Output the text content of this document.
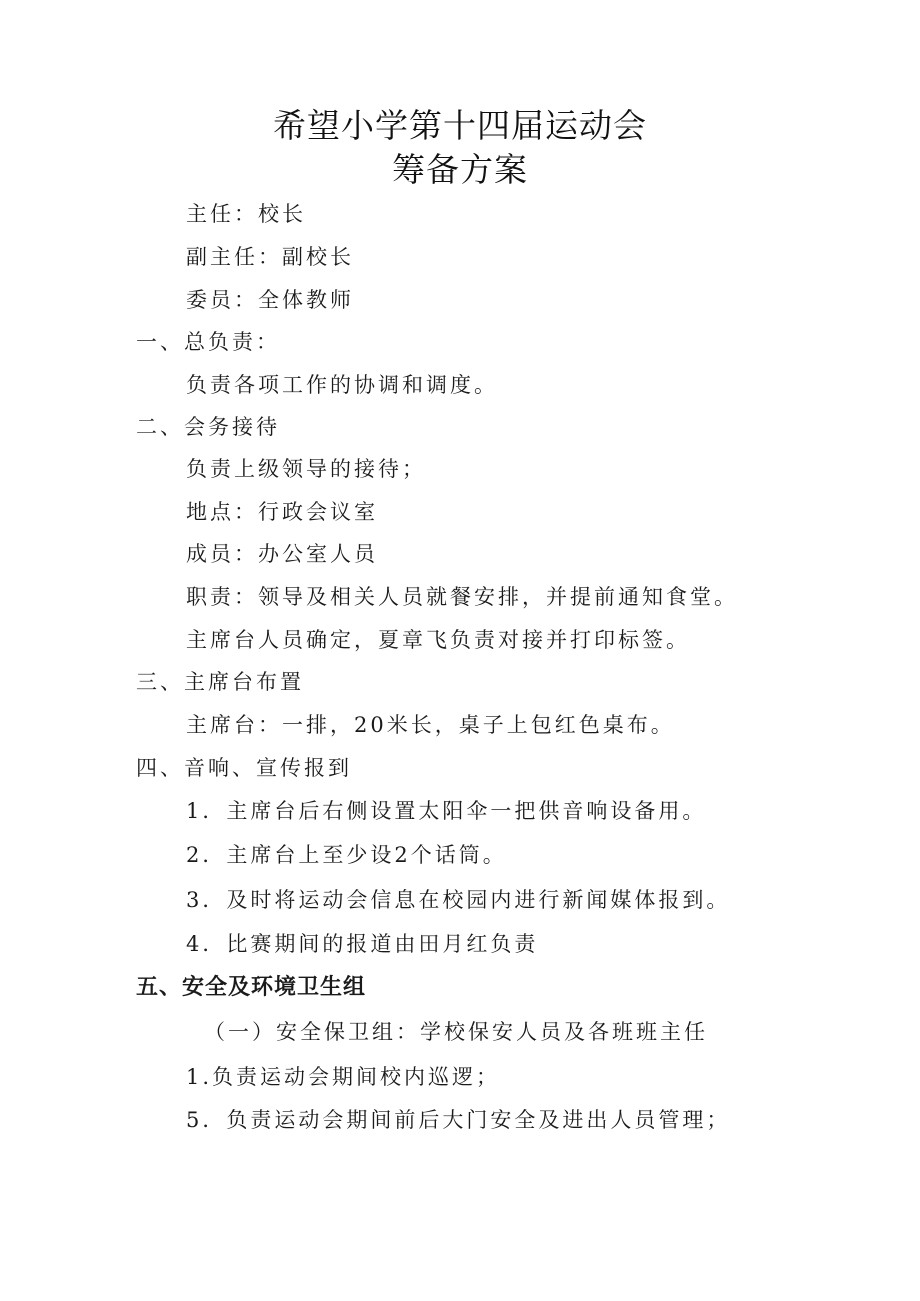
希望小学第十四届运动会
筹备方案
主任：校长
副主任：副校长
委员：全体教师
一、总负责：
负责各项工作的协调和调度。
二、会务接待
负责上级领导的接待；
地点：行政会议室
成员：办公室人员
职责：领导及相关人员就餐安排，并提前通知食堂。
主席台人员确定，夏章飞负责对接并打印标签。
三、主席台布置
主席台：一排，20米长，桌子上包红色桌布。
四、音响、宣传报到
1．主席台后右侧设置太阳伞一把供音响设备用。
2．主席台上至少设2个话筒。
3．及时将运动会信息在校园内进行新闻媒体报到。
4．比赛期间的报道由田月红负责
五、安全及环境卫生组
（一）安全保卫组：学校保安人员及各班班主任
1.负责运动会期间校内巡逻；
5．负责运动会期间前后大门安全及进出人员管理；
